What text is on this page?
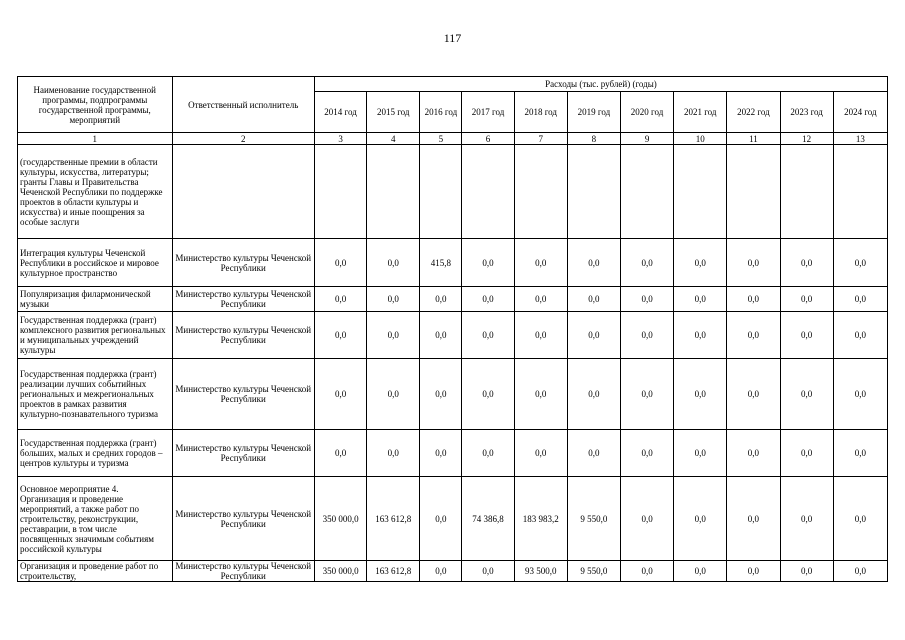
117
Наименование государственной программы, подпрограммы государственной программы, мероприятий	Ответственный исполнитель	Расходы (тыс. рублей) (годы)										
		2014 год	2015 год	2016 год	2017 год	2018 год	2019 год	2020 год	2021 год	2022 год	2023 год	2024 год
1	2	3	4	5	6	7	8	9	10	11	12	13
(государственные премии в области культуры, искусства, литературы; гранты Главы и Правительства Чеченской Республики по поддержке проектов в области культуры и искусства) и иные поощрения за особые заслуги												
Интеграция культуры Чеченской Республики в российское и мировое культурное пространство	Министерство культуры Чеченской Республики	0,0	0,0	415,8	0,0	0,0	0,0	0,0	0,0	0,0	0,0	0,0
Популяризация филармонической музыки	Министерство культуры Чеченской Республики	0,0	0,0	0,0	0,0	0,0	0,0	0,0	0,0	0,0	0,0	0,0
Государственная поддержка (грант) комплексного развития региональных и муниципальных учреждений культуры	Министерство культуры Чеченской Республики	0,0	0,0	0,0	0,0	0,0	0,0	0,0	0,0	0,0	0,0	0,0
Государственная поддержка (грант) реализации лучших событийных региональных и межрегиональных проектов в рамках развития культурно-познавательного туризма	Министерство культуры Чеченской Республики	0,0	0,0	0,0	0,0	0,0	0,0	0,0	0,0	0,0	0,0	0,0
Государственная поддержка (грант) больших, малых и средних городов – центров культуры и туризма	Министерство культуры Чеченской Республики	0,0	0,0	0,0	0,0	0,0	0,0	0,0	0,0	0,0	0,0	0,0
Основное мероприятие 4. Организация и проведение мероприятий, а также работ по строительству, реконструкции, реставрации, в том числе посвященных значимым событиям российской культуры	Министерство культуры Чеченской Республики	350 000,0	163 612,8	0,0	74 386,8	183 983,2	9 550,0	0,0	0,0	0,0	0,0	0,0
Организация и проведение работ по строительству,	Министерство культуры Чеченской Республики	350 000,0	163 612,8	0,0	0,0	93 500,0	9 550,0	0,0	0,0	0,0	0,0	0,0
